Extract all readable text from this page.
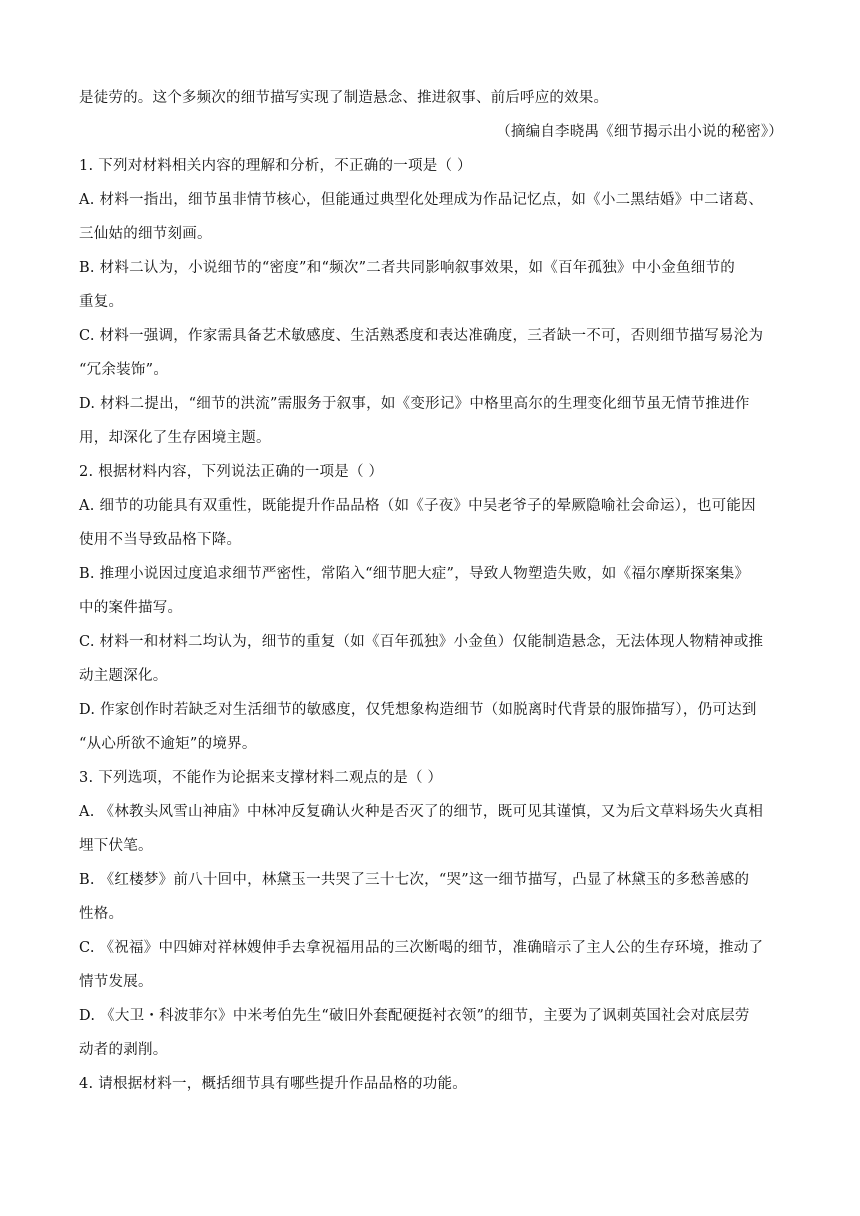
是徒劳的。这个多频次的细节描写实现了制造悬念、推进叙事、前后呼应的效果。
（摘编自李晓禺《细节揭示出小说的秘密》）
1. 下列对材料相关内容的理解和分析，不正确的一项是（ ）
A. 材料一指出，细节虽非情节核心，但能通过典型化处理成为作品记忆点，如《小二黑结婚》中二诸葛、
三仙姑的细节刻画。
B. 材料二认为，小说细节的“密度”和“频次”二者共同影响叙事效果，如《百年孤独》中小金鱼细节的
重复。
C. 材料一强调，作家需具备艺术敏感度、生活熟悉度和表达准确度，三者缺一不可，否则细节描写易沦为
“冗余装饰”。
D. 材料二提出，“细节的洪流”需服务于叙事，如《变形记》中格里高尔的生理变化细节虽无情节推进作
用，却深化了生存困境主题。
2. 根据材料内容，下列说法正确的一项是（ ）
A. 细节的功能具有双重性，既能提升作品品格（如《子夜》中吴老爷子的晕厥隐喻社会命运），也可能因
使用不当导致品格下降。
B. 推理小说因过度追求细节严密性，常陷入“细节肥大症”，导致人物塑造失败，如《福尔摩斯探案集》
中的案件描写。
C. 材料一和材料二均认为，细节的重复（如《百年孤独》小金鱼）仅能制造悬念，无法体现人物精神或推
动主题深化。
D. 作家创作时若缺乏对生活细节的敏感度，仅凭想象构造细节（如脱离时代背景的服饰描写），仍可达到
“从心所欲不逾矩”的境界。
3. 下列选项，不能作为论据来支撑材料二观点的是（ ）
A. 《林教头风雪山神庙》中林冲反复确认火种是否灭了的细节，既可见其谨慎，又为后文草料场失火真相
埋下伏笔。
B. 《红楼梦》前八十回中，林黛玉一共哭了三十七次，“哭”这一细节描写，凸显了林黛玉的多愁善感的
性格。
C. 《祝福》中四婶对祥林嫂伸手去拿祝福用品的三次断喝的细节，准确暗示了主人公的生存环境，推动了
情节发展。
D. 《大卫・科波菲尔》中米考伯先生“破旧外套配硬挺衬衣领”的细节，主要为了讽刺英国社会对底层劳
动者的剥削。
4. 请根据材料一，概括细节具有哪些提升作品品格的功能。
